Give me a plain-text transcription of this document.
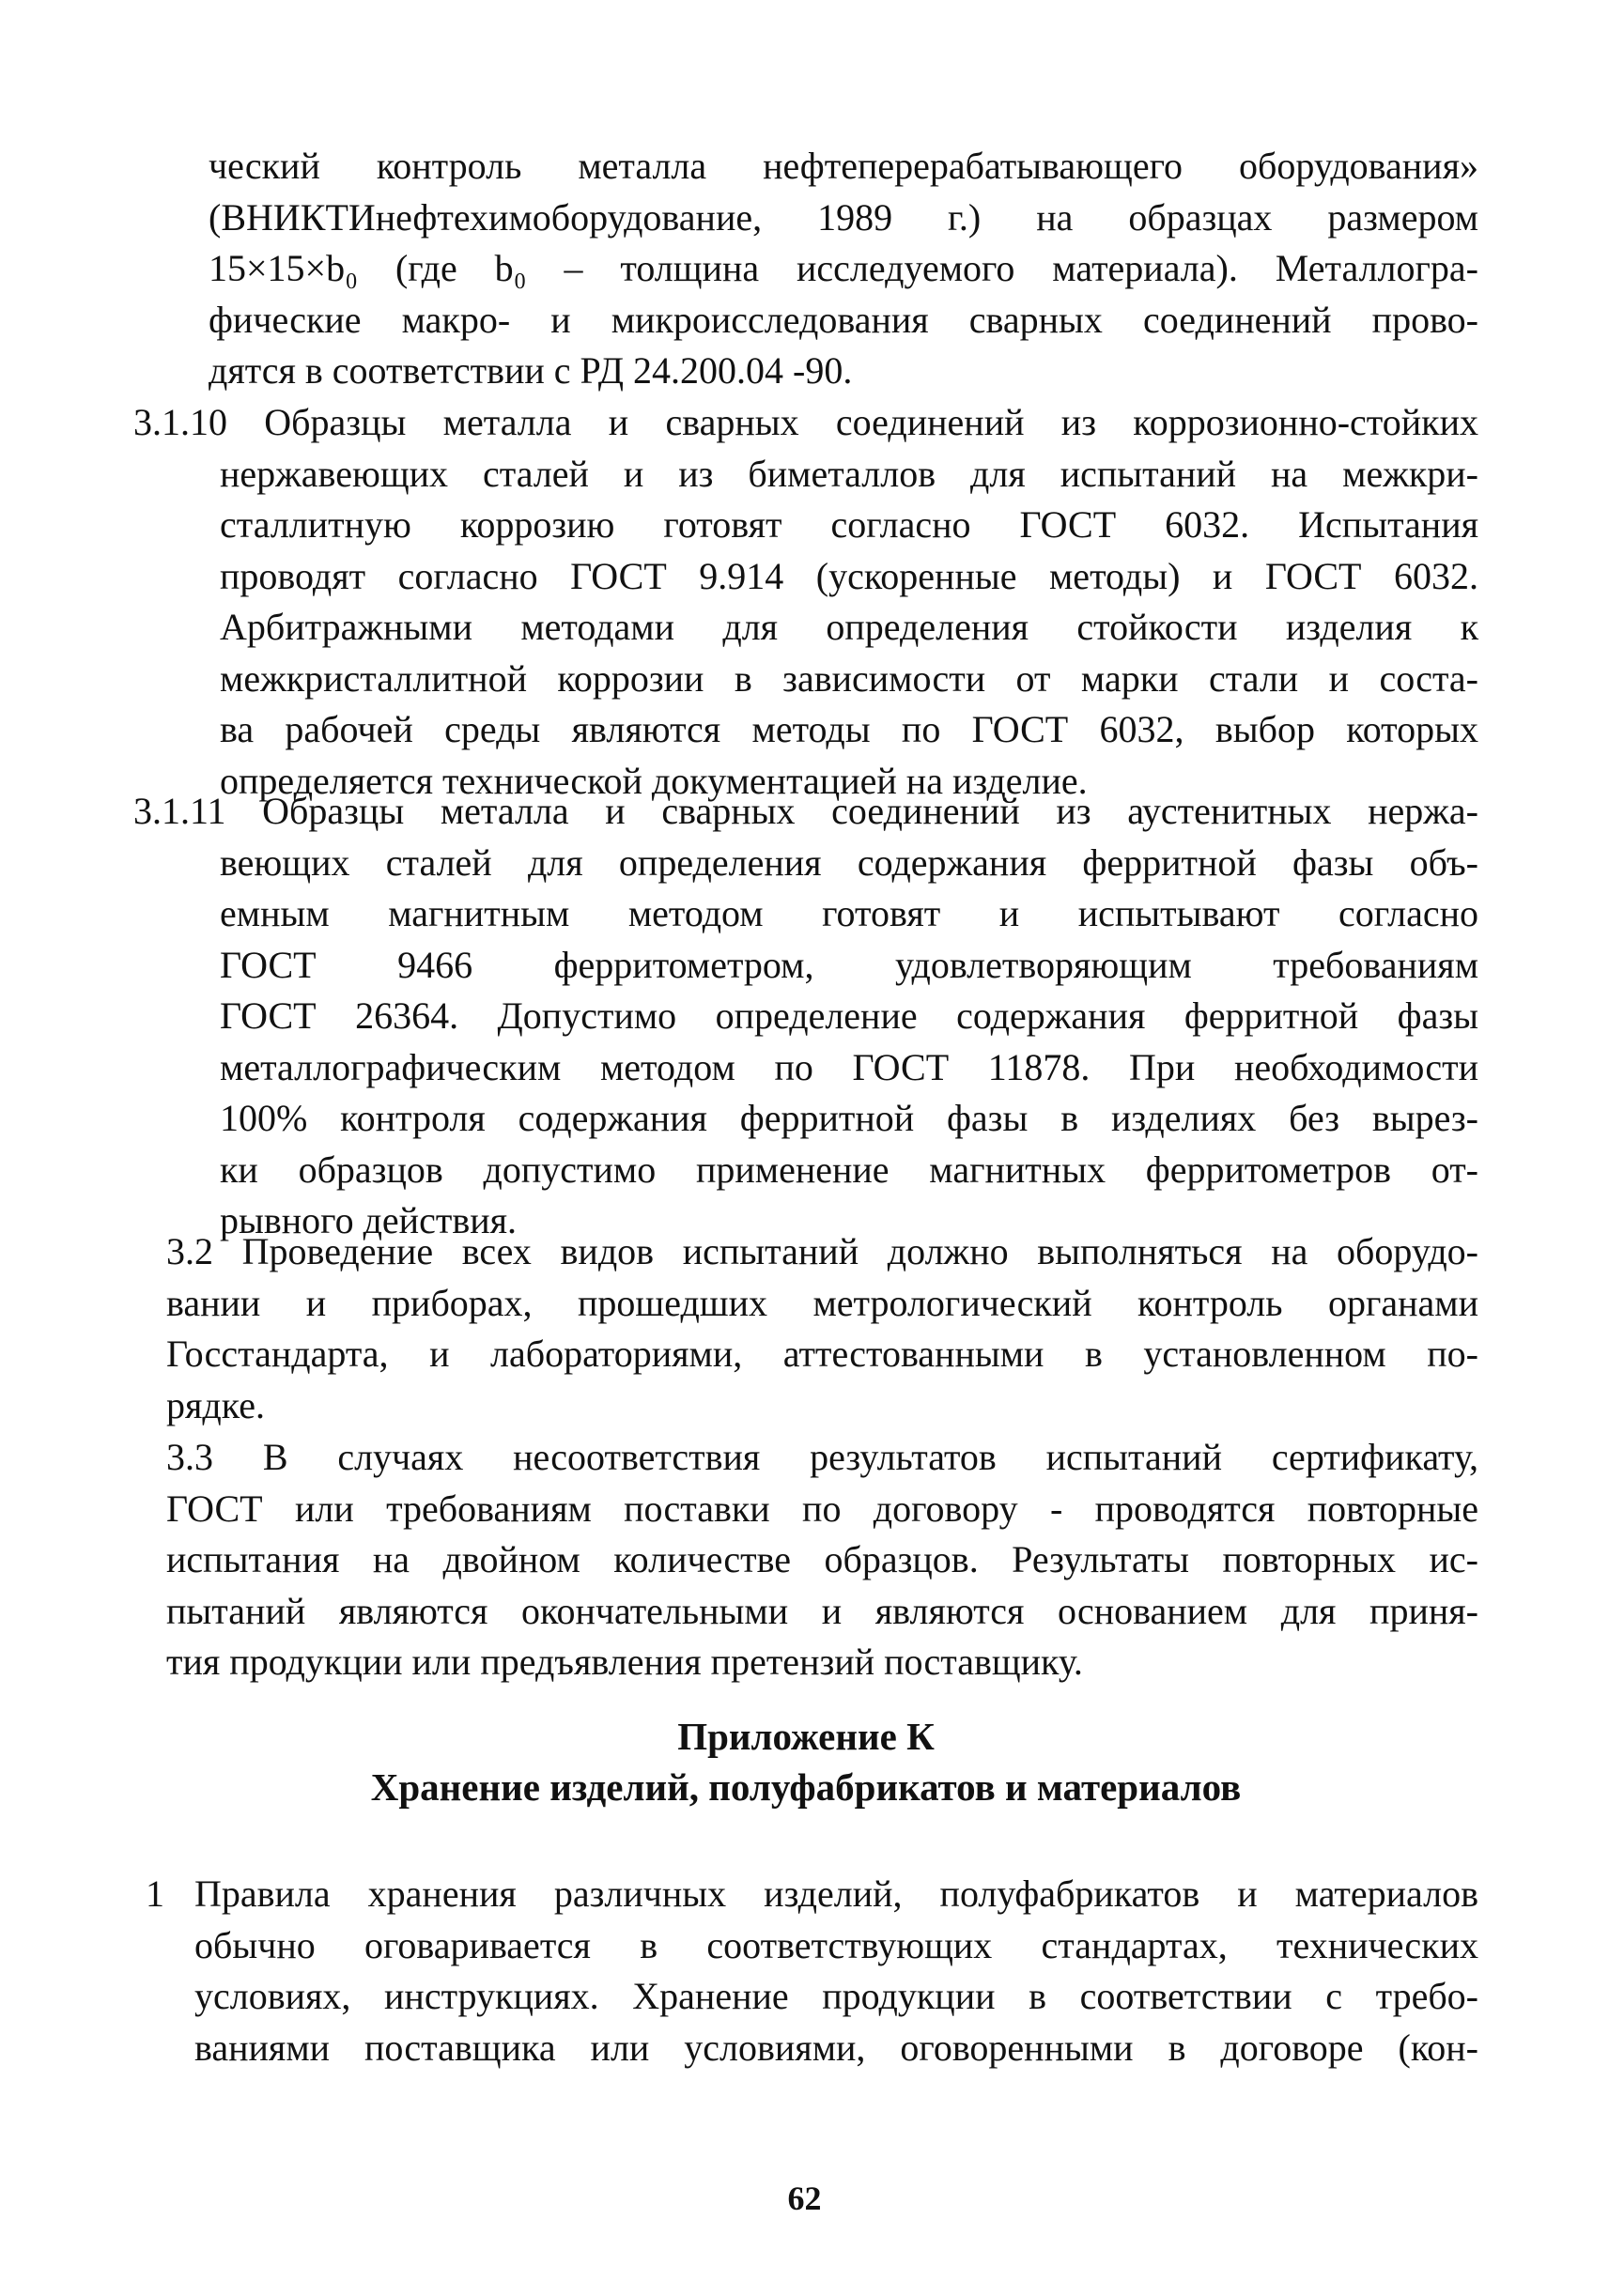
ческий контроль металла нефтеперерабатывающего оборудования»
(ВНИКТИнефтехимоборудование, 1989 г.) на образцах размером
15×15×b₀ (где b₀ – толщина исследуемого материала). Металлогра-
фические макро- и микроисследования сварных соединений прово-
дятся в соответствии с РД 24.200.04 -90.
3.1.10 Образцы металла и сварных соединений из коррозионно-стойких
нержавеющих сталей и из биметаллов для испытаний на межкри-
сталлитную коррозию готовят согласно ГОСТ 6032. Испытания
проводят согласно ГОСТ 9.914 (ускоренные методы) и ГОСТ 6032.
Арбитражными методами для определения стойкости изделия к
межкристаллитной коррозии в зависимости от марки стали и соста-
ва рабочей среды являются методы по ГОСТ 6032, выбор которых
определяется технической документацией на изделие.
3.1.11 Образцы металла и сварных соединений из аустенитных нержа-
веющих сталей для определения содержания ферритной фазы объ-
емным магнитным методом готовят и испытывают согласно
ГОСТ 9466 ферритометром, удовлетворяющим требованиям
ГОСТ 26364. Допустимо определение содержания ферритной фазы
металлографическим методом по ГОСТ 11878. При необходимости
100% контроля содержания ферритной фазы в изделиях без вырез-
ки образцов допустимо применение магнитных ферритометров от-
рывного действия.
3.2 Проведение всех видов испытаний должно выполняться на оборудо-
вании и приборах, прошедших метрологический контроль органами
Госстандарта, и лабораториями, аттестованными в установленном по-
рядке.
3.3 В случаях несоответствия результатов испытаний сертификату,
ГОСТ или требованиям поставки по договору - проводятся повторные
испытания на двойном количестве образцов. Результаты повторных ис-
пытаний являются окончательными и являются основанием для приня-
тия продукции или предъявления претензий поставщику.

Приложение К

Хранение изделий, полуфабрикатов и материалов

1 Правила хранения различных изделий, полуфабрикатов и материалов
обычно оговаривается в соответствующих стандартах, технических
условиях, инструкциях. Хранение продукции в соответствии с требо-
ваниями поставщика или условиями, оговоренными в договоре (кон-
62
